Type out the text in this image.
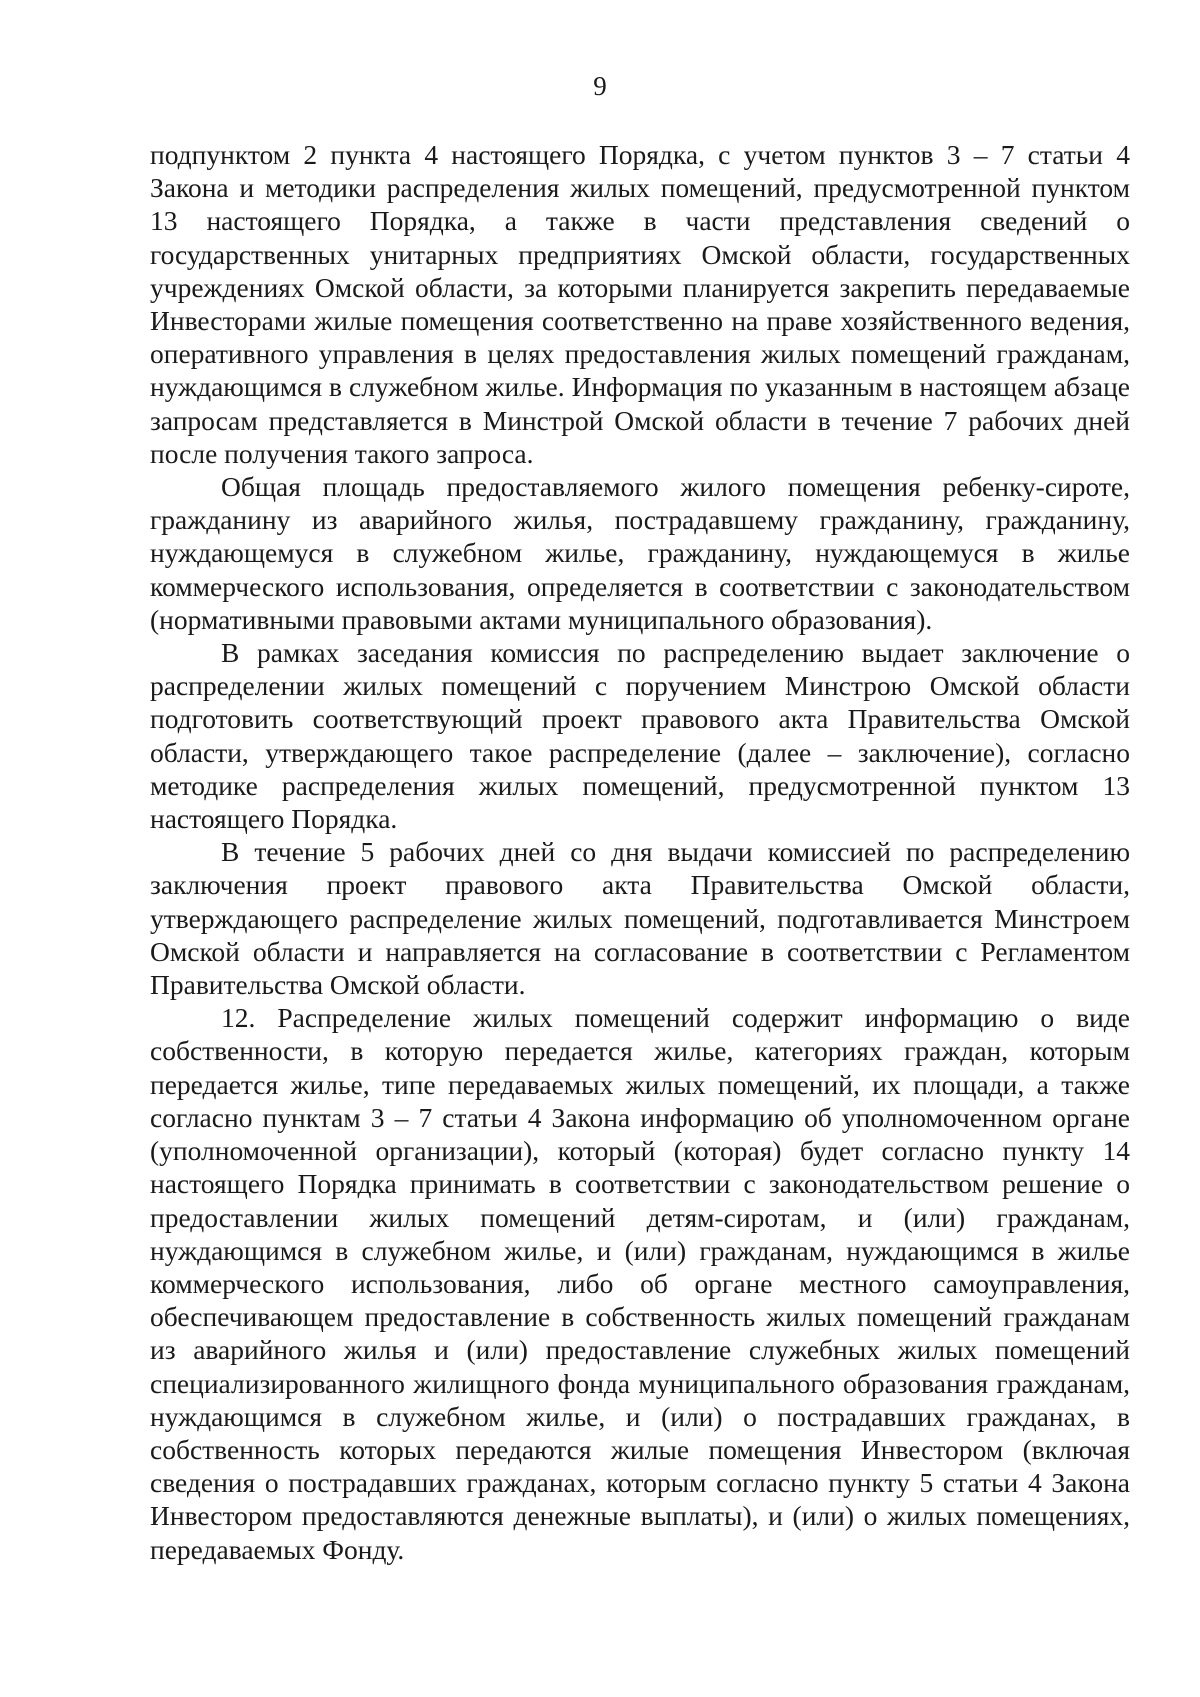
9

подпунктом 2 пункта 4 настоящего Порядка, с учетом пунктов 3 – 7 статьи 4 Закона и методики распределения жилых помещений, предусмотренной пунктом 13 настоящего Порядка, а также в части представления сведений о государственных унитарных предприятиях Омской области, государственных учреждениях Омской области, за которыми планируется закрепить передаваемые Инвесторами жилые помещения соответственно на праве хозяйственного ведения, оперативного управления в целях предоставления жилых помещений гражданам, нуждающимся в служебном жилье. Информация по указанным в настоящем абзаце запросам представляется в Минстрой Омской области в течение 7 рабочих дней после получения такого запроса.

Общая площадь предоставляемого жилого помещения ребенку-сироте, гражданину из аварийного жилья, пострадавшему гражданину, гражданину, нуждающемуся в служебном жилье, гражданину, нуждающемуся в жилье коммерческого использования, определяется в соответствии с законодательством (нормативными правовыми актами муниципального образования).

В рамках заседания комиссия по распределению выдает заключение о распределении жилых помещений с поручением Минстрою Омской области подготовить соответствующий проект правового акта Правительства Омской области, утверждающего такое распределение (далее – заключение), согласно методике распределения жилых помещений, предусмотренной пунктом 13 настоящего Порядка.

В течение 5 рабочих дней со дня выдачи комиссией по распределению заключения проект правового акта Правительства Омской области, утверждающего распределение жилых помещений, подготавливается Минстроем Омской области и направляется на согласование в соответствии с Регламентом Правительства Омской области.

12. Распределение жилых помещений содержит информацию о виде собственности, в которую передается жилье, категориях граждан, которым передается жилье, типе передаваемых жилых помещений, их площади, а также согласно пунктам 3 – 7 статьи 4 Закона информацию об уполномоченном органе (уполномоченной организации), который (которая) будет согласно пункту 14 настоящего Порядка принимать в соответствии с законодательством решение о предоставлении жилых помещений детям-сиротам, и (или) гражданам, нуждающимся в служебном жилье, и (или) гражданам, нуждающимся в жилье коммерческого использования, либо об органе местного самоуправления, обеспечивающем предоставление в собственность жилых помещений гражданам из аварийного жилья и (или) предоставление служебных жилых помещений специализированного жилищного фонда муниципального образования гражданам, нуждающимся в служебном жилье, и (или) о пострадавших гражданах, в собственность которых передаются жилые помещения Инвестором (включая сведения о пострадавших гражданах, которым согласно пункту 5 статьи 4 Закона Инвестором предоставляются денежные выплаты), и (или) о жилых помещениях, передаваемых Фонду.
